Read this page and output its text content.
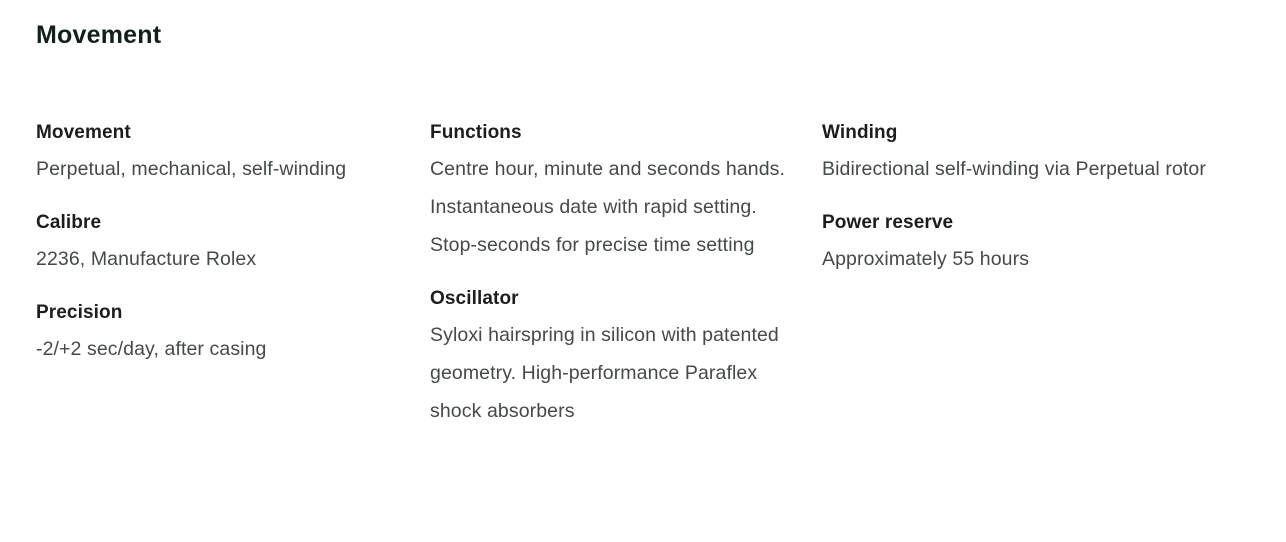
Movement
Movement
Perpetual, mechanical, self-winding
Calibre
2236, Manufacture Rolex
Precision
-2/+2 sec/day, after casing
Functions
Centre hour, minute and seconds hands. Instantaneous date with rapid setting. Stop-seconds for precise time setting
Oscillator
Syloxi hairspring in silicon with patented geometry. High-performance Paraflex shock absorbers
Winding
Bidirectional self-winding via Perpetual rotor
Power reserve
Approximately 55 hours
